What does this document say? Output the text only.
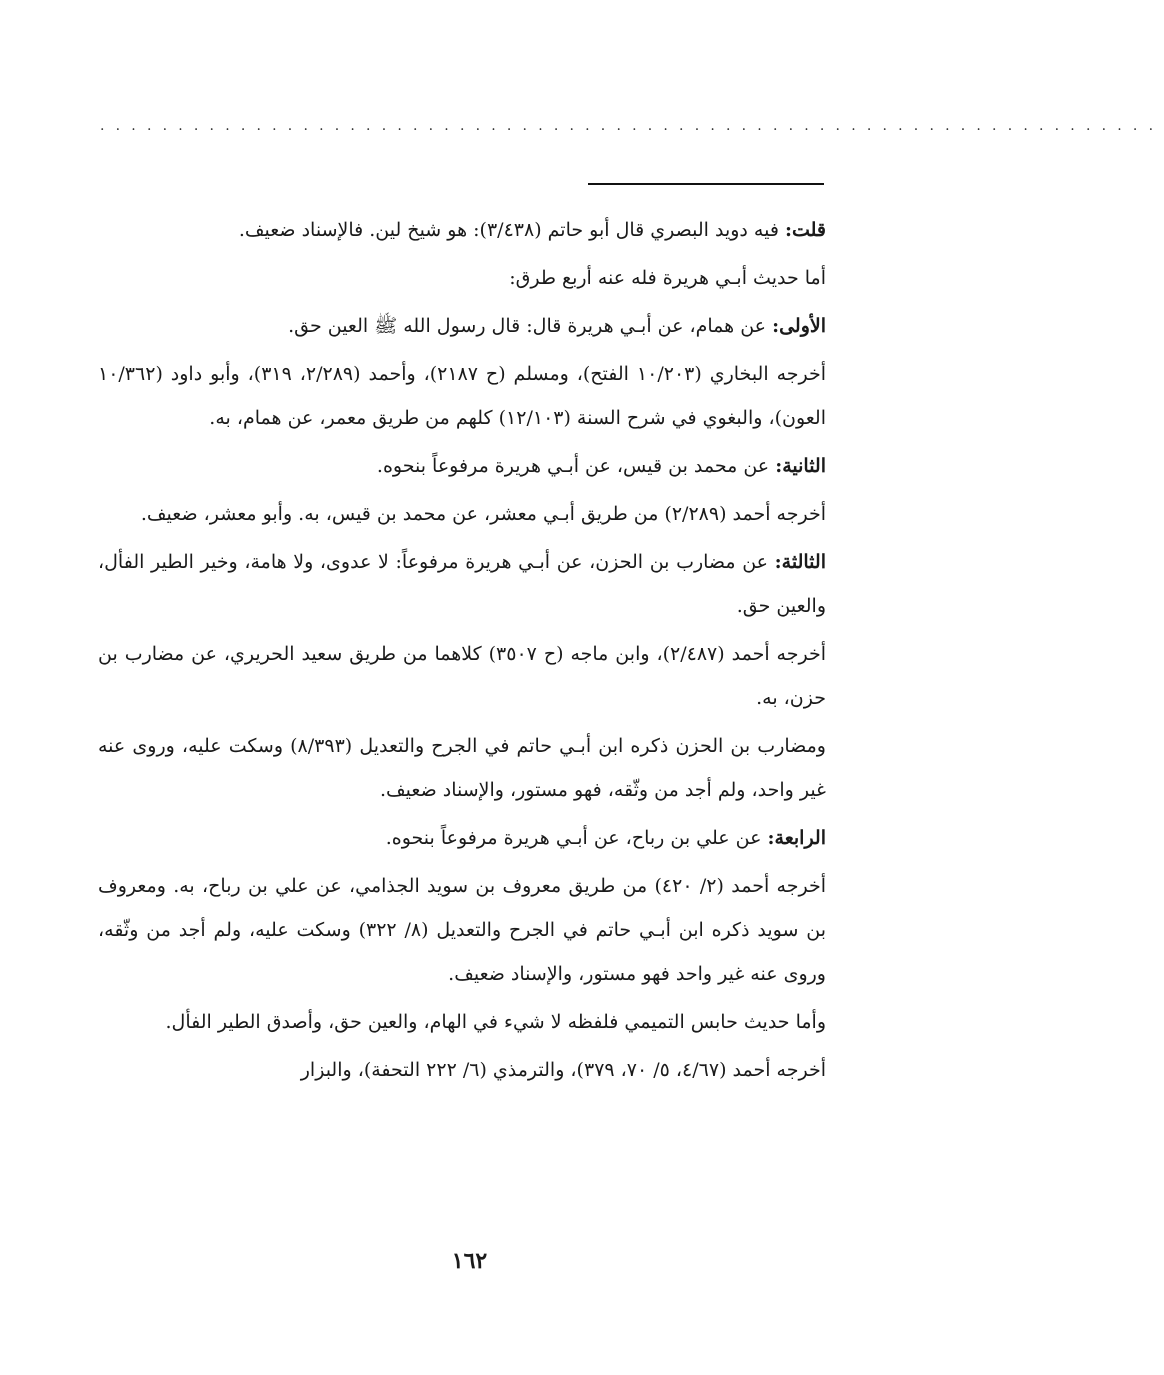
....................................................................

قلت: فيه دويد البصري قال أبو حاتم (٣/٤٣٨): هو شيخ لين. فالإسناد ضعيف.

أما حديث أبـي هريرة فله عنه أربع طرق:

الأولى: عن همام، عن أبـي هريرة قال: قال رسول الله ﷺ العين حق.

أخرجه البخاري (١٠/٢٠٣ الفتح)، ومسلم (ح ٢١٨٧)، وأحمد (٢/٢٨٩، ٣١٩)، وأبو داود (١٠/٣٦٢ العون)، والبغوي في شرح السنة (١٢/١٠٣) كلهم من طريق معمر، عن همام، به.

الثانية: عن محمد بن قيس، عن أبـي هريرة مرفوعاً بنحوه.

أخرجه أحمد (٢/٢٨٩) من طريق أبـي معشر، عن محمد بن قيس، به. وأبو معشر، ضعيف.

الثالثة: عن مضارب بن الحزن، عن أبـي هريرة مرفوعاً: لا عدوى، ولا هامة، وخير الطير الفأل، والعين حق.

أخرجه أحمد (٢/٤٨٧)، وابن ماجه (ح ٣٥٠٧) كلاهما من طريق سعيد الحريري، عن مضارب بن حزن، به.

ومضارب بن الحزن ذكره ابن أبـي حاتم في الجرح والتعديل (٨/٣٩٣) وسكت عليه، وروى عنه غير واحد، ولم أجد من وثّقه، فهو مستور، والإسناد ضعيف.

الرابعة: عن علي بن رباح، عن أبـي هريرة مرفوعاً بنحوه.

أخرجه أحمد (٢/ ٤٢٠) من طريق معروف بن سويد الجذامي، عن علي بن رباح، به. ومعروف بن سويد ذكره ابن أبـي حاتم في الجرح والتعديل (٨/ ٣٢٢) وسكت عليه، ولم أجد من وثّقه، وروى عنه غير واحد فهو مستور، والإسناد ضعيف.

وأما حديث حابس التميمي فلفظه لا شيء في الهام، والعين حق، وأصدق الطير الفأل.

أخرجه أحمد (٤/٦٧، ٥/ ٧٠، ٣٧٩)، والترمذي (٦/ ٢٢٢ التحفة)، والبزار

١٦٢
